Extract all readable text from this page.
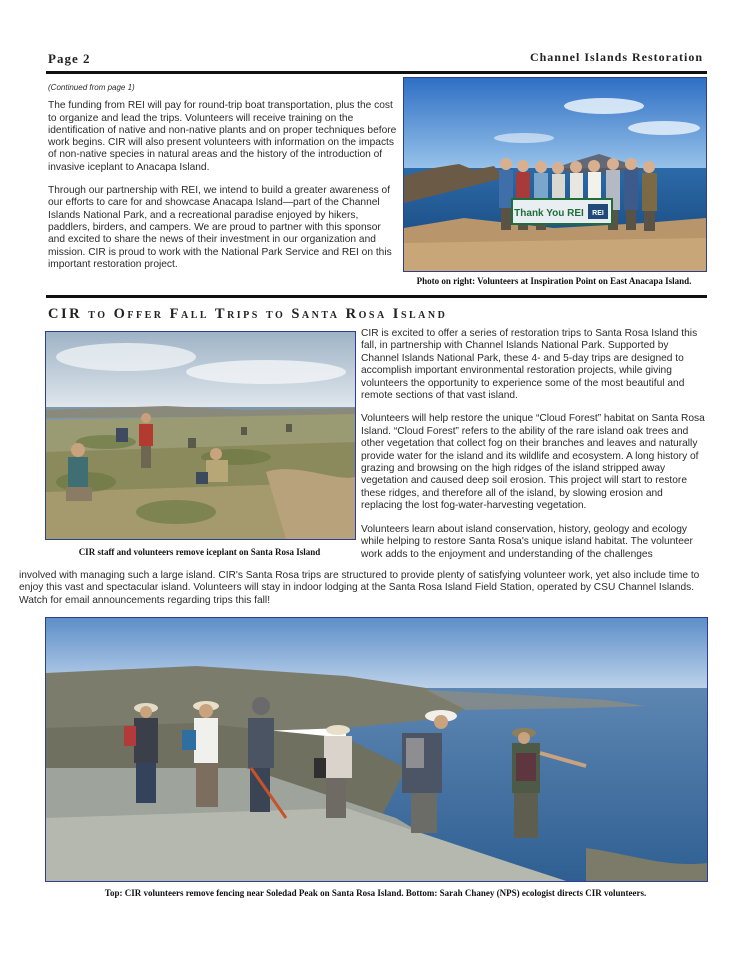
Page 2	Channel Islands Restoration
(Continued from page 1)

The funding from REI will pay for round-trip boat transportation, plus the cost to organize and lead the trips. Volunteers will receive training on the identification of native and non-native plants and on proper techniques before work begins. CIR will also present volunteers with information on the impacts of non-native species in natural areas and the history of the introduction of invasive iceplant to Anacapa Island.

Through our partnership with REI, we intend to build a greater awareness of our efforts to care for and showcase Anacapa Island—part of the Channel Islands National Park, and a recreational paradise enjoyed by hikers, paddlers, birders, and campers. We are proud to partner with this sponsor and excited to share the news of their investment in our organization and mission. CIR is proud to work with the National Park Service and REI on this important restoration project.

Thank You REI REI
Photo on right: Volunteers at Inspiration Point on East Anacapa Island.
CIR to Offer Fall Trips to Santa Rosa Island
CIR staff and volunteers remove iceplant on Santa Rosa Island

CIR is excited to offer a series of restoration trips to Santa Rosa Island this fall, in partnership with Channel Islands National Park. Supported by Channel Islands National Park, these 4- and 5-day trips are designed to accomplish important environmental restoration projects, while giving volunteers the opportunity to experience some of the most beautiful and remote sections of that vast island.

Volunteers will help restore the unique “Cloud Forest” habitat on Santa Rosa Island. “Cloud Forest” refers to the ability of the rare island oak trees and other vegetation that collect fog on their branches and leaves and naturally provide water for the island and its wildlife and ecosystem. A long history of grazing and browsing on the high ridges of the island stripped away vegetation and caused deep soil erosion. This project will start to restore these ridges, and therefore all of the island, by slowing erosion and replacing the lost fog-water-harvesting vegetation.

Volunteers learn about island conservation, history, geology and ecology while helping to restore Santa Rosa's unique island habitat. The volunteer work adds to the enjoyment and understanding of the challenges

involved with managing such a large island. CIR's Santa Rosa trips are structured to provide plenty of satisfying volunteer work, yet also include time to enjoy this vast and spectacular island. Volunteers will stay in indoor lodging at the Santa Rosa Island Field Station, operated by CSU Channel Islands. Watch for email announcements regarding trips this fall!

Top: CIR volunteers remove fencing near Soledad Peak on Santa Rosa Island. Bottom: Sarah Chaney (NPS) ecologist directs CIR volunteers.
